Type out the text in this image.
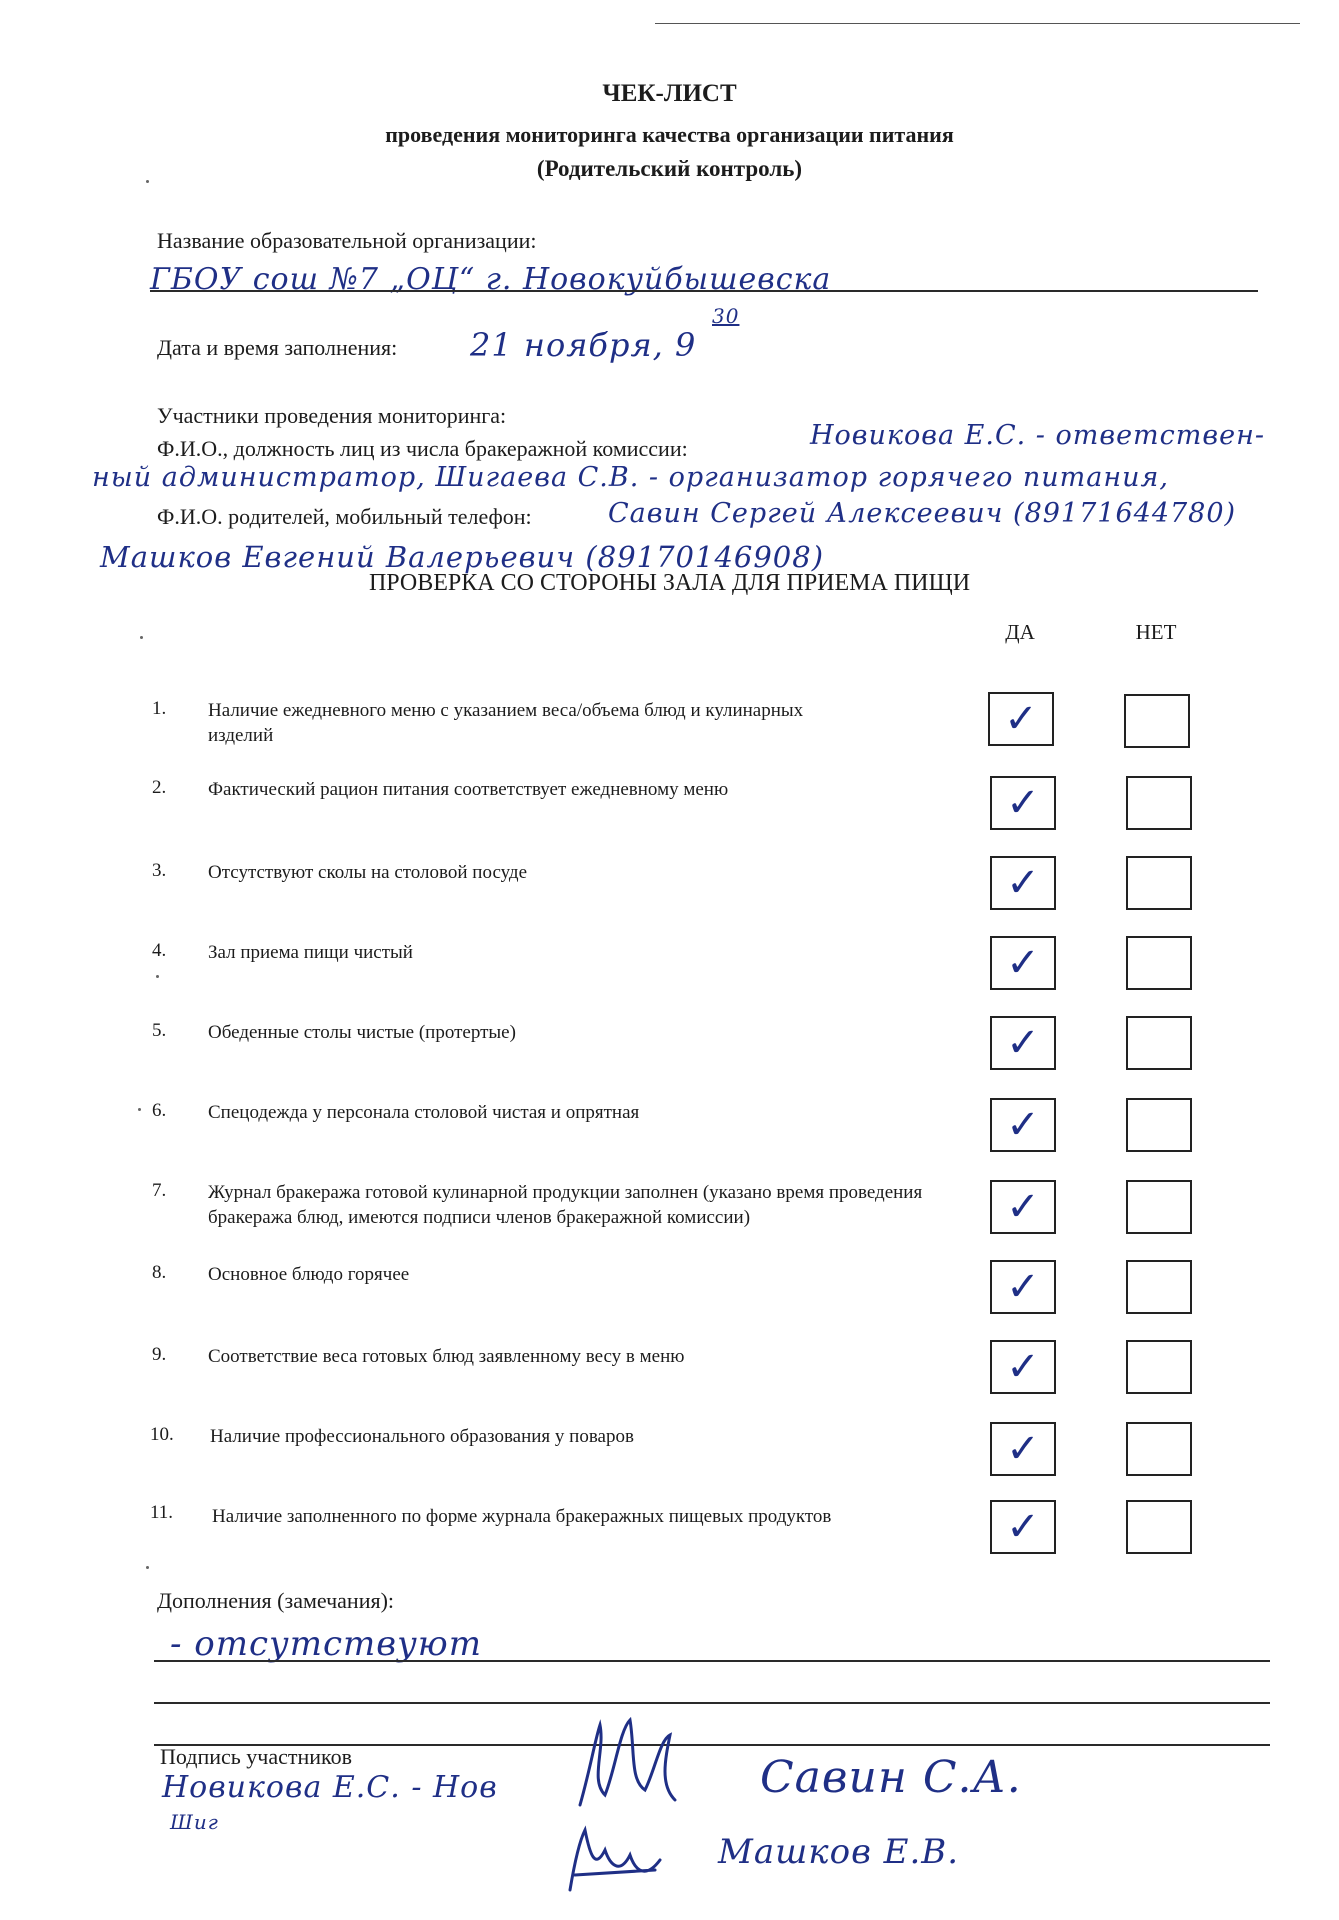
ЧЕК-ЛИСТ
проведения мониторинга качества организации питания
(Родительский контроль)
Название образовательной организации:
ГБОУ сош №7 „ОЦ“ г. Новокуйбышевска
Дата и время заполнения: 21 ноября, 9
30
Участники проведения мониторинга:
Ф.И.О., должность лиц из числа бракеражной комиссии:	Новикова Е.С. - ответствен-
ный администратор, Шигаева С.В. - организатор горячего питания,
Ф.И.О. родителей, мобильный телефон:	Савин Сергей Алексеевич (89171644780)
Машков Евгений Валерьевич (89170146908)
ПРОВЕРКА СО СТОРОНЫ ЗАЛА ДЛЯ ПРИЕМА ПИЩИ
ДА	НЕТ
1.	Наличие ежедневного меню с указанием веса/объема блюд и кулинарных изделий	✓
2.	Фактический рацион питания соответствует ежедневному меню	✓
3.	Отсутствуют сколы на столовой посуде	✓
4.	Зал приема пищи чистый	✓
5.	Обеденные столы чистые (протертые)	✓
6.	Спецодежда у персонала столовой чистая и опрятная	✓
7.	Журнал бракеража готовой кулинарной продукции заполнен (указано время проведения бракеража блюд, имеются подписи членов бракеражной комиссии)	✓
8.	Основное блюдо горячее	✓
9.	Соответствие веса готовых блюд заявленному весу в меню	✓
10.	Наличие профессионального образования у поваров	✓
11.	Наличие заполненного по форме журнала бракеражных пищевых продуктов	✓
Дополнения (замечания):
- отсутствуют
Подпись участников
Новикова Е.С. - Нов
Шиг
Савин С.А.
Машков Е.В.
